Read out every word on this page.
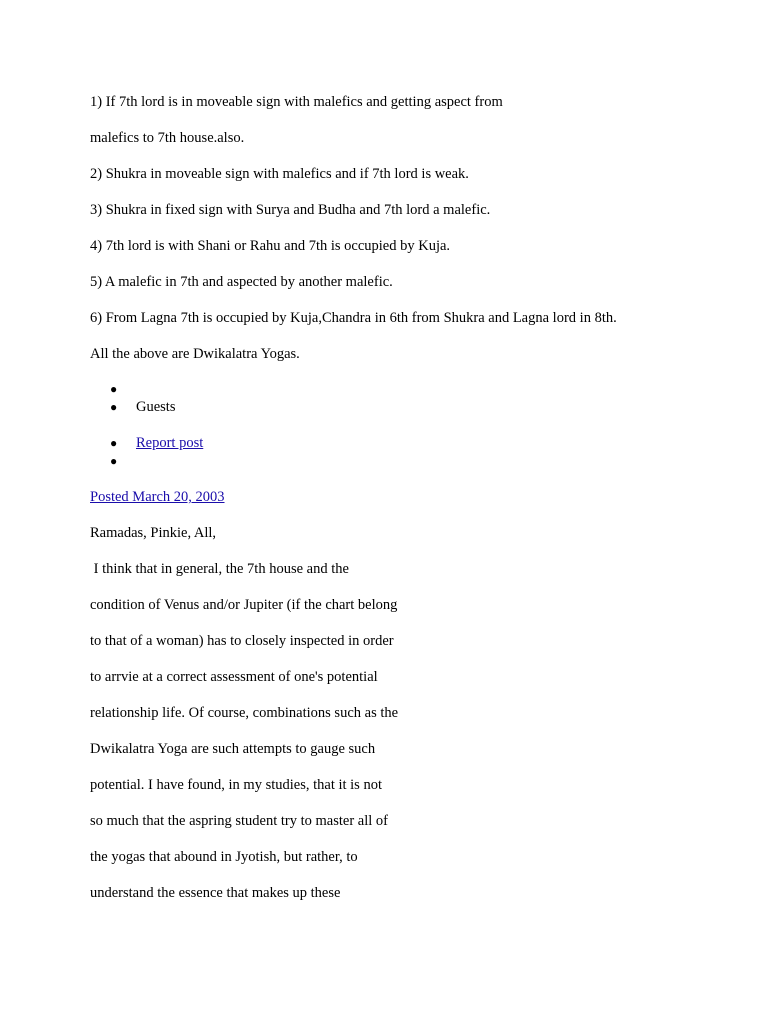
1) If 7th lord is in moveable sign with malefics and getting aspect from
malefics to 7th house.also.
2) Shukra in moveable sign with malefics and if 7th lord is weak.
3) Shukra in fixed sign with Surya and Budha and 7th lord a malefic.
4) 7th lord is with Shani or Rahu and 7th is occupied by Kuja.
5) A malefic in 7th and aspected by another malefic.
6) From Lagna 7th is occupied by Kuja,Chandra in 6th from Shukra and Lagna lord in 8th.
All the above are Dwikalatra Yogas.
●
● Guests
● Report post
●
Posted March 20, 2003
Ramadas, Pinkie, All,
I think that in general, the 7th house and the
condition of Venus and/or Jupiter (if the chart belong
to that of a woman) has to closely inspected in order
to arrvie at a correct assessment of one's potential
relationship life. Of course, combinations such as the
Dwikalatra Yoga are such attempts to gauge such
potential. I have found, in my studies, that it is not
so much that the aspring student try to master all of
the yogas that abound in Jyotish, but rather, to
understand the essence that makes up these
